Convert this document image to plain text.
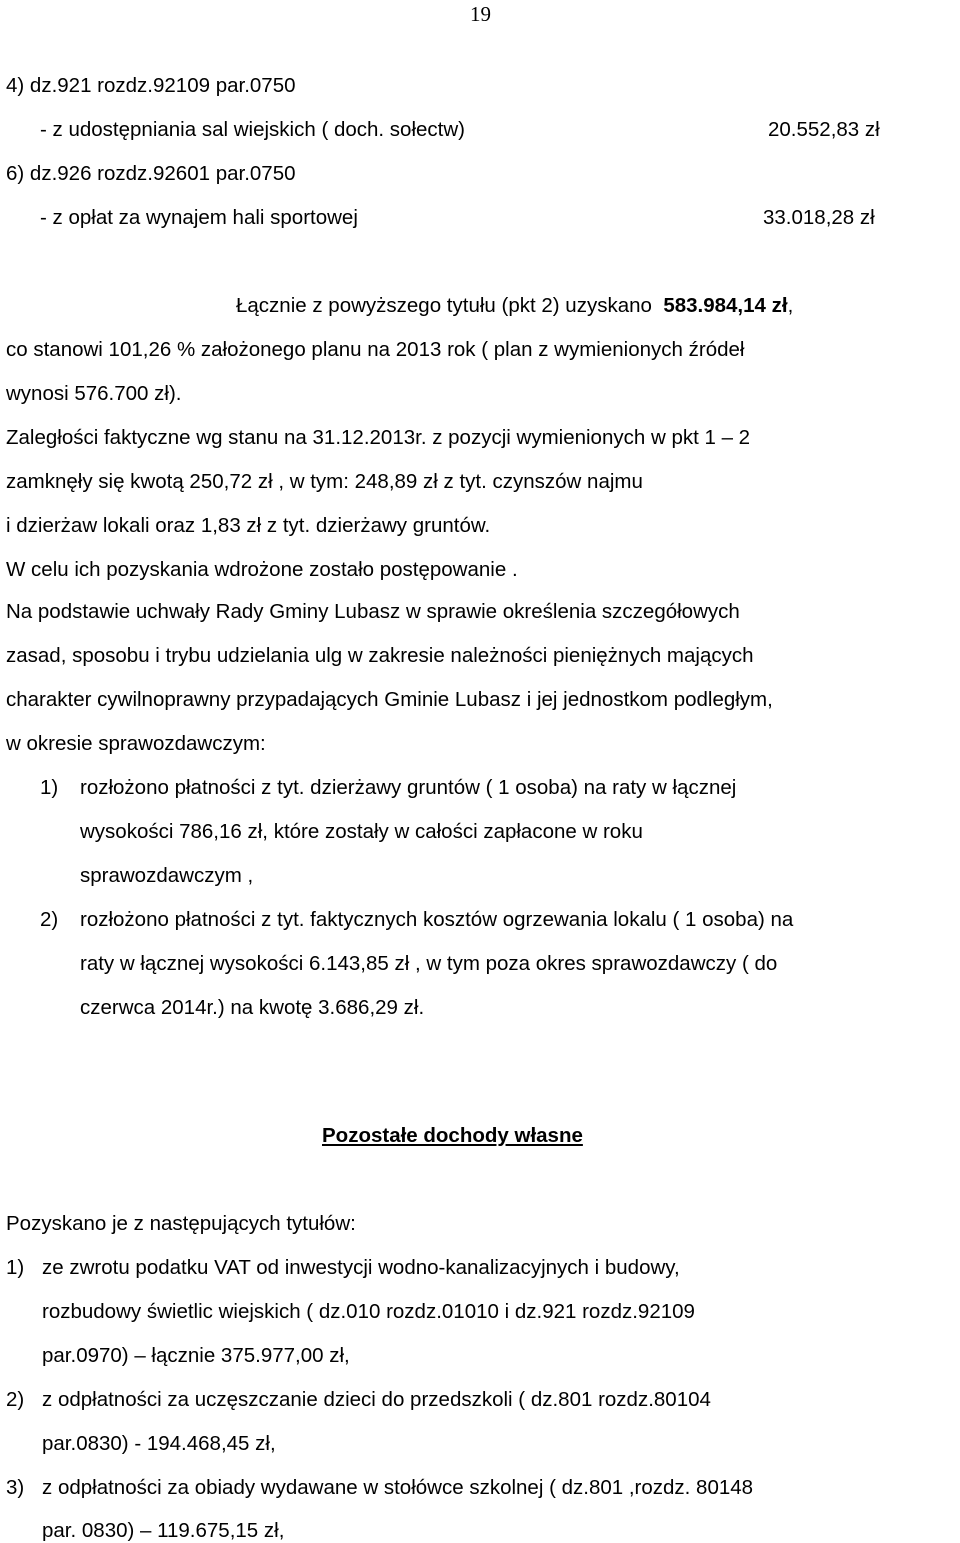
19
4) dz.921 rozdz.92109 par.0750
- z udostępniania sal wiejskich ( doch. sołectw)	20.552,83 zł
6) dz.926 rozdz.92601 par.0750
- z opłat za wynajem hali sportowej	33.018,28 zł
Łącznie z powyższego tytułu (pkt 2) uzyskano 583.984,14 zł,
co stanowi 101,26 % założonego planu na 2013 rok ( plan z wymienionych źródeł
wynosi 576.700 zł).
Zaległości faktyczne wg stanu na 31.12.2013r. z pozycji wymienionych w pkt 1 – 2
zamknęły się kwotą 250,72 zł , w tym: 248,89 zł z tyt. czynszów najmu
i dzierżaw lokali oraz 1,83 zł z tyt. dzierżawy gruntów.
W celu ich pozyskania wdrożone zostało postępowanie .
Na podstawie uchwały Rady Gminy Lubasz w sprawie określenia szczegółowych
zasad, sposobu i trybu udzielania ulg w zakresie należności pieniężnych mających
charakter cywilnoprawny przypadających Gminie Lubasz i jej jednostkom podległym,
w okresie sprawozdawczym:
1) rozłożono płatności z tyt. dzierżawy gruntów ( 1 osoba) na raty w łącznej
wysokości 786,16 zł, które zostały w całości zapłacone w roku
sprawozdawczym ,
2) rozłożono płatności z tyt. faktycznych kosztów ogrzewania lokalu ( 1 osoba) na
raty w łącznej wysokości 6.143,85 zł , w tym poza okres sprawozdawczy ( do
czerwca 2014r.) na kwotę 3.686,29 zł.
Pozostałe dochody własne
Pozyskano je z następujących tytułów:
1) ze zwrotu podatku VAT od inwestycji wodno-kanalizacyjnych i budowy,
rozbudowy świetlic wiejskich ( dz.010 rozdz.01010 i dz.921 rozdz.92109
par.0970) – łącznie 375.977,00 zł,
2) z odpłatności za uczęszczanie dzieci do przedszkoli ( dz.801 rozdz.80104
par.0830) - 194.468,45 zł,
3) z odpłatności za obiady wydawane w stołówce szkolnej ( dz.801 ,rozdz. 80148
par. 0830) – 119.675,15 zł,
